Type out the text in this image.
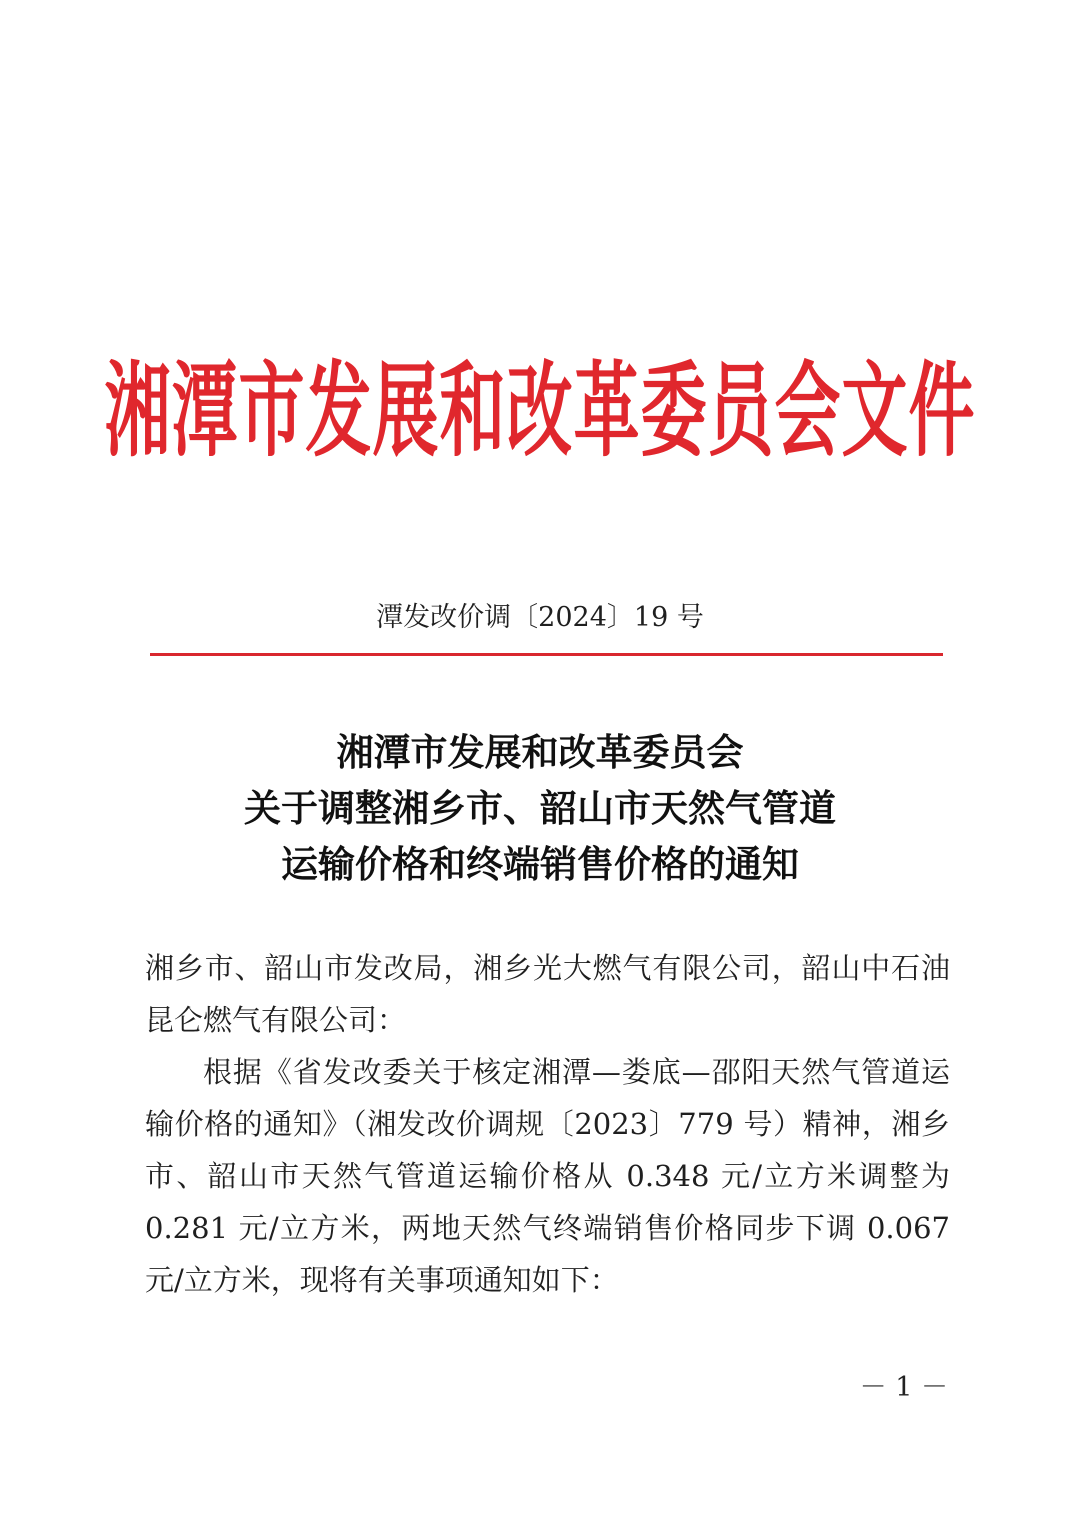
湘潭市发展和改革委员会文件
潭发改价调〔2024〕19 号
湘潭市发展和改革委员会
关于调整湘乡市、韶山市天然气管道
运输价格和终端销售价格的通知

湘乡市、韶山市发改局，湘乡光大燃气有限公司，韶山中石油昆仑燃气有限公司：

根据《省发改委关于核定湘潭—娄底—邵阳天然气管道运输价格的通知》（湘发改价调规〔2023〕779 号）精神，湘乡市、韶山市天然气管道运输价格从 0.348 元/立方米调整为 0.281 元/立方米，两地天然气终端销售价格同步下调 0.067 元/立方米，现将有关事项通知如下：

－ 1 －
